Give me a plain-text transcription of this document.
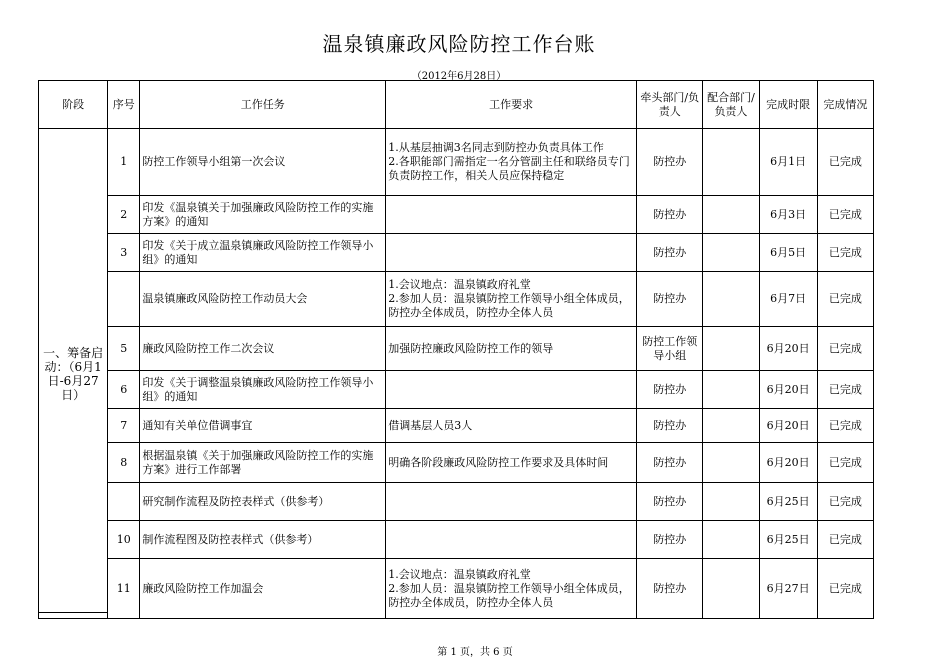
温泉镇廉政风险防控工作台账
（2012年6月28日）
阶段	序号	工作任务	工作要求	牵头部门/负责人	配合部门/负责人	完成时限	完成情况
一、筹备启动：（6月1日-6月27日）	1	防控工作领导小组第一次会议	1.从基层抽调3名同志到防控办负责具体工作
2.各职能部门需指定一名分管副主任和联络员专门负责防控工作，相关人员应保持稳定	防控办		6月1日	已完成
	2	印发《温泉镇关于加强廉政风险防控工作的实施方案》的通知		防控办		6月3日	已完成
	3	印发《关于成立温泉镇廉政风险防控工作领导小组》的通知		防控办		6月5日	已完成
		温泉镇廉政风险防控工作动员大会	1.会议地点：温泉镇政府礼堂
2.参加人员：温泉镇防控工作领导小组全体成员，防控办全体成员，防控办全体人员	防控办		6月7日	已完成
	5	廉政风险防控工作二次会议	加强防控廉政风险防控工作的领导	防控工作领导小组		6月20日	已完成
	6	印发《关于调整温泉镇廉政风险防控工作领导小组》的通知		防控办		6月20日	已完成
	7	通知有关单位借调事宜	借调基层人员3人	防控办		6月20日	已完成
	8	根据温泉镇《关于加强廉政风险防控工作的实施方案》进行工作部署	明确各阶段廉政风险防控工作要求及具体时间	防控办		6月20日	已完成
		研究制作流程及防控表样式（供参考）		防控办		6月25日	已完成
	10	制作流程图及防控表样式（供参考）		防控办		6月25日	已完成
	11	廉政风险防控工作加温会	1.会议地点：温泉镇政府礼堂
2.参加人员：温泉镇防控工作领导小组全体成员，防控办全体成员，防控办全体人员	防控办		6月27日	已完成
第 1 页，共 6 页
